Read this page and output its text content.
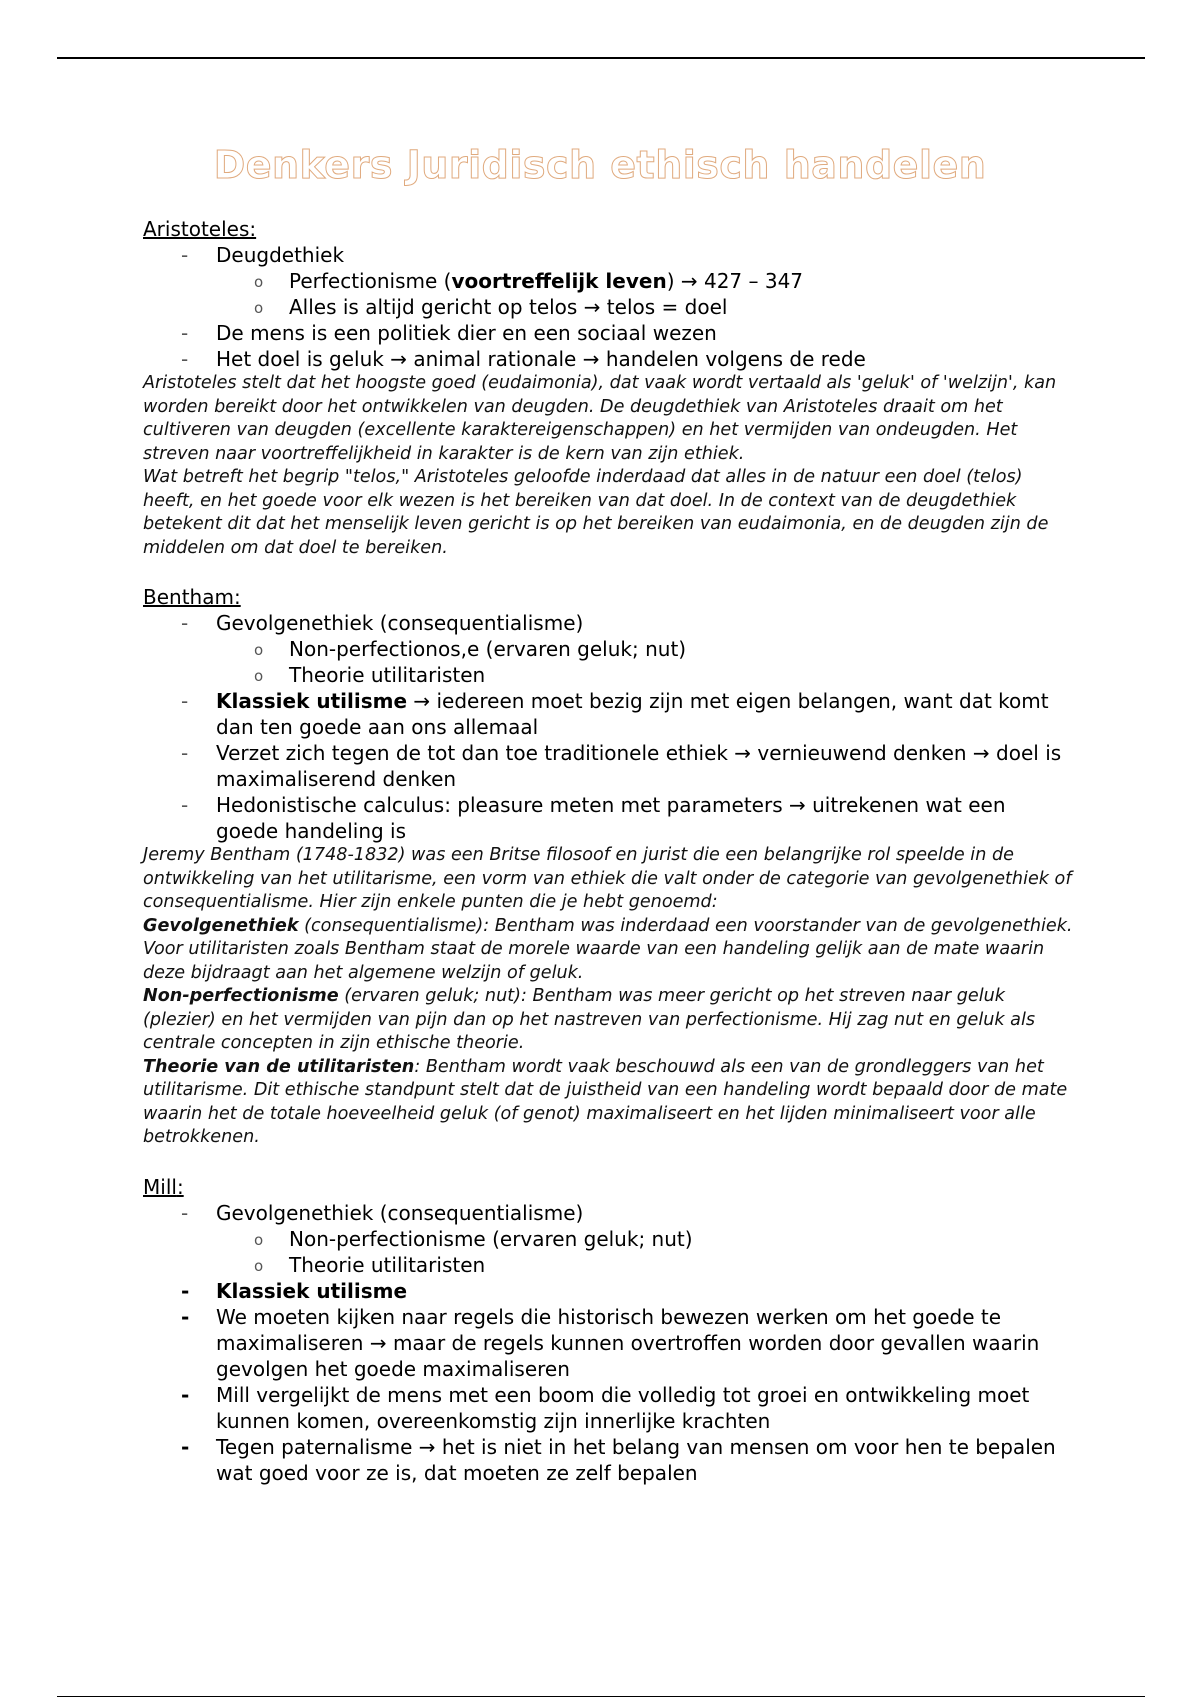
Denkers Juridisch ethisch handelen

Aristoteles:

- Deugdethiek
o Perfectionisme (voortreffelijk leven) → 427 – 347
o Alles is altijd gericht op telos → telos = doel
- De mens is een politiek dier en een sociaal wezen
- Het doel is geluk → animal rationale → handelen volgens de rede

Aristoteles stelt dat het hoogste goed (eudaimonia), dat vaak wordt vertaald als 'geluk' of 'welzijn', kan worden bereikt door het ontwikkelen van deugden. De deugdethiek van Aristoteles draait om het cultiveren van deugden (excellente karaktereigenschappen) en het vermijden van ondeugden. Het streven naar voortreffelijkheid in karakter is de kern van zijn ethiek.

Wat betreft het begrip "telos," Aristoteles geloofde inderdaad dat alles in de natuur een doel (telos) heeft, en het goede voor elk wezen is het bereiken van dat doel. In de context van de deugdethiek betekent dit dat het menselijk leven gericht is op het bereiken van eudaimonia, en de deugden zijn de middelen om dat doel te bereiken.

Bentham:

- Gevolgenethiek (consequentialisme)
o Non-perfectionos,e (ervaren geluk; nut)
o Theorie utilitaristen
- Klassiek utilisme → iedereen moet bezig zijn met eigen belangen, want dat komt dan ten goede aan ons allemaal
- Verzet zich tegen de tot dan toe traditionele ethiek → vernieuwend denken → doel is maximaliserend denken
- Hedonistische calculus: pleasure meten met parameters → uitrekenen wat een goede handeling is

Jeremy Bentham (1748-1832) was een Britse filosoof en jurist die een belangrijke rol speelde in de ontwikkeling van het utilitarisme, een vorm van ethiek die valt onder de categorie van gevolgenethiek of consequentialisme. Hier zijn enkele punten die je hebt genoemd:

Gevolgenethiek (consequentialisme): Bentham was inderdaad een voorstander van de gevolgenethiek. Voor utilitaristen zoals Bentham staat de morele waarde van een handeling gelijk aan de mate waarin deze bijdraagt aan het algemene welzijn of geluk.

Non-perfectionisme (ervaren geluk; nut): Bentham was meer gericht op het streven naar geluk (plezier) en het vermijden van pijn dan op het nastreven van perfectionisme. Hij zag nut en geluk als centrale concepten in zijn ethische theorie.

Theorie van de utilitaristen: Bentham wordt vaak beschouwd als een van de grondleggers van het utilitarisme. Dit ethische standpunt stelt dat de juistheid van een handeling wordt bepaald door de mate waarin het de totale hoeveelheid geluk (of genot) maximaliseert en het lijden minimaliseert voor alle betrokkenen.

Mill:

- Gevolgenethiek (consequentialisme)
o Non-perfectionisme (ervaren geluk; nut)
o Theorie utilitaristen
- Klassiek utilisme
- We moeten kijken naar regels die historisch bewezen werken om het goede te maximaliseren → maar de regels kunnen overtroffen worden door gevallen waarin gevolgen het goede maximaliseren
- Mill vergelijkt de mens met een boom die volledig tot groei en ontwikkeling moet kunnen komen, overeenkomstig zijn innerlijke krachten
- Tegen paternalisme → het is niet in het belang van mensen om voor hen te bepalen wat goed voor ze is, dat moeten ze zelf bepalen
